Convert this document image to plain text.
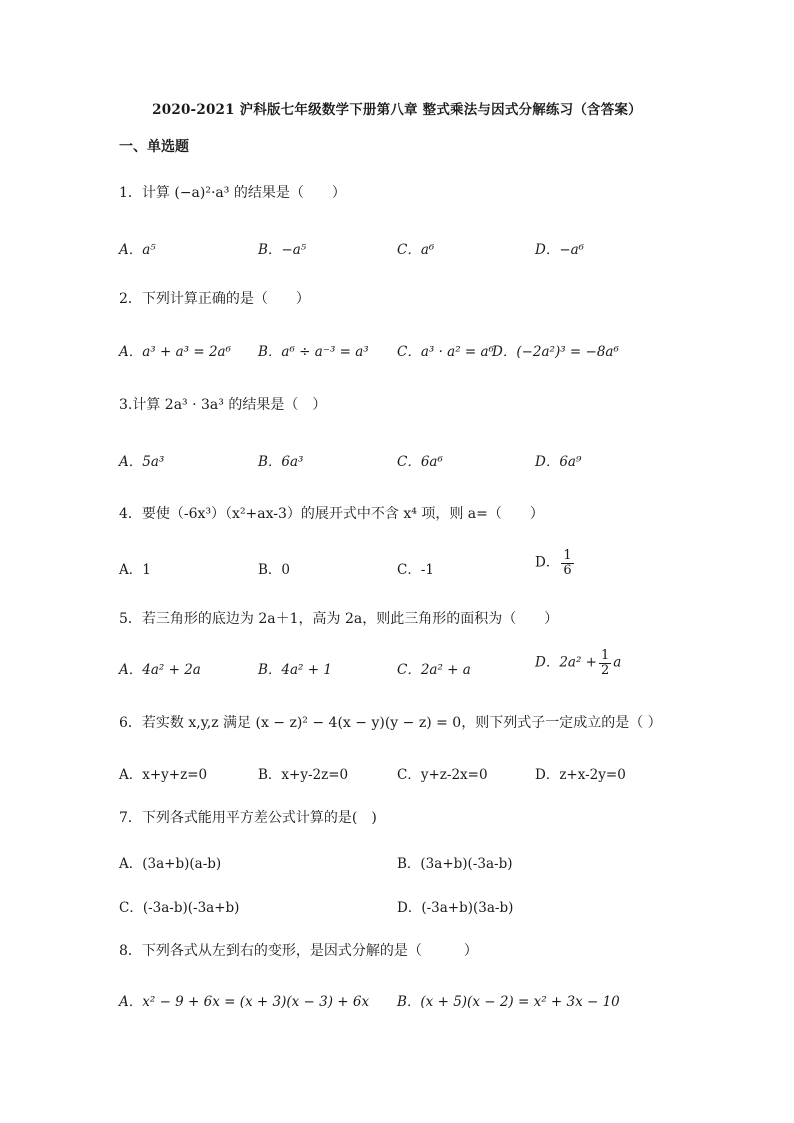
2020-2021 沪科版七年级数学下册第八章 整式乘法与因式分解练习（含答案）
一、单选题
1．计算 (−a)²·a³ 的结果是（　　）
A．a⁵	B．−a⁵	C．a⁶	D．−a⁶
2．下列计算正确的是（　　）
A．a³ + a³ = 2a⁶ B．a⁶ ÷ a⁻³ = a³ C．a³ · a² = a⁶
D．(−2a²)³ = −8a⁶
3.计算 2a³ · 3a³ 的结果是（　）
A．5a³	B．6a³	C．6a⁶	D．6a⁹
4．要使（-6x³）（x²+ax-3）的展开式中不含 x⁴ 项，则 a=（　　）
A．1	B．0	C．-1	D． $\frac{1}{6}$
5．若三角形的底边为 2a＋1，高为 2a，则此三角形的面积为（　　）
A．4a² + 2a	B．4a² + 1	C．2a² + a	D．$2a^2 + \frac{1}{2}$ a
6．若实数 x,y,z 满足 (x − z)² − 4(x − y)(y − z) = 0，则下列式子一定成立的是（ ）
A．x+y+z=0	B．x+y-2z=0	C．y+z-2x=0	D．z+x-2y=0
7．下列各式能用平方差公式计算的是(　)
A．(3a+b)(a-b)	B．(3a+b)(-3a-b)
C．(-3a-b)(-3a+b)	D．(-3a+b)(3a-b)
8．下列各式从左到右的变形，是因式分解的是（　　　）
A．x² − 9 + 6x = (x + 3)(x − 3) + 6x B．(x + 5)(x − 2) = x² + 3x − 10
